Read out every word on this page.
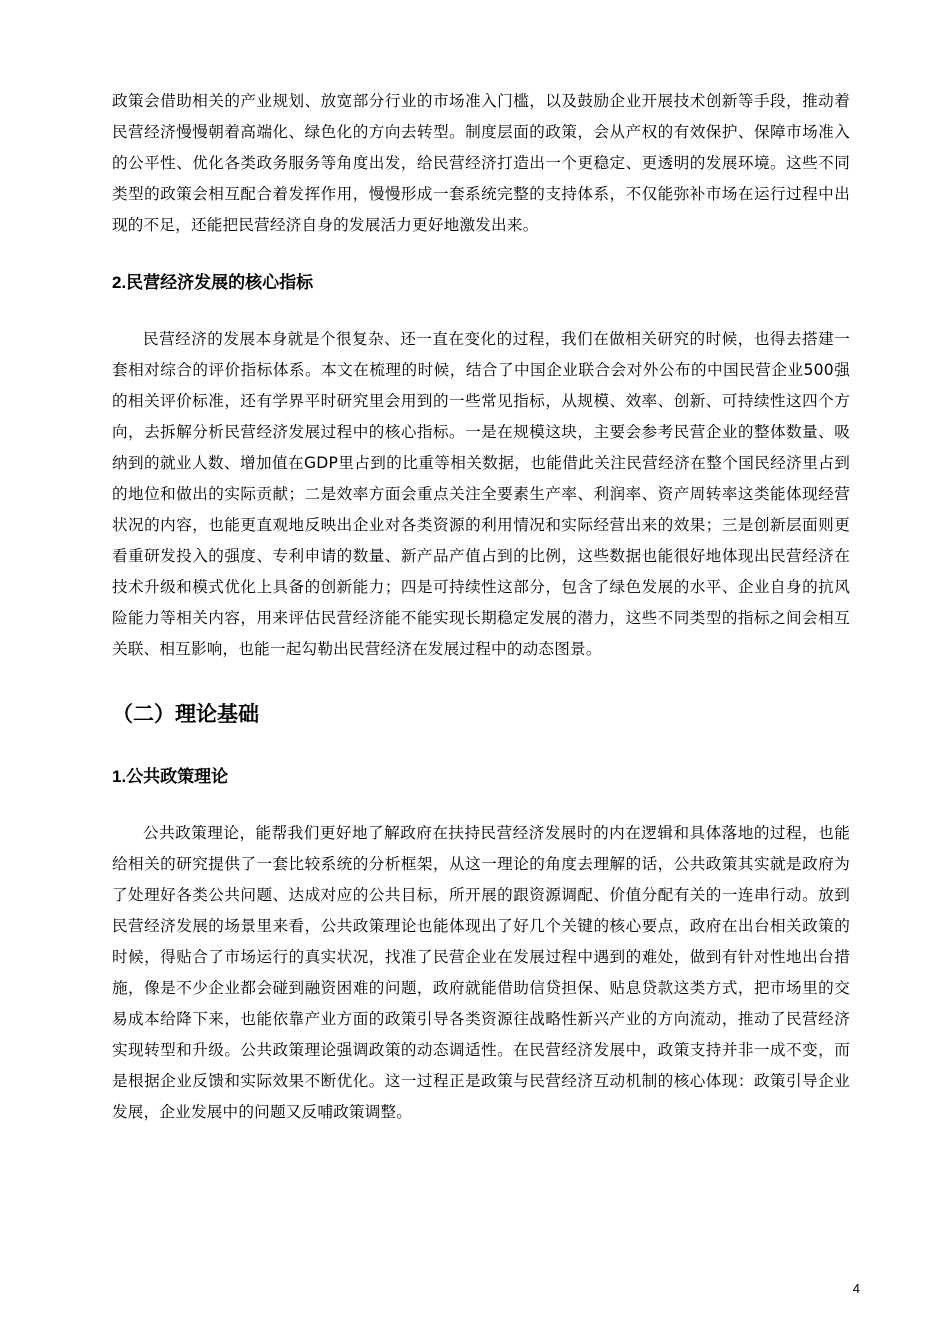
政策会借助相关的产业规划、放宽部分行业的市场准入门槛，以及鼓励企业开展技术创新等手段，推动着民营经济慢慢朝着高端化、绿色化的方向去转型。制度层面的政策，会从产权的有效保护、保障市场准入的公平性、优化各类政务服务等角度出发，给民营经济打造出一个更稳定、更透明的发展环境。这些不同类型的政策会相互配合着发挥作用，慢慢形成一套系统完整的支持体系，不仅能弥补市场在运行过程中出现的不足，还能把民营经济自身的发展活力更好地激发出来。

2.民营经济发展的核心指标

民营经济的发展本身就是个很复杂、还一直在变化的过程，我们在做相关研究的时候，也得去搭建一套相对综合的评价指标体系。本文在梳理的时候，结合了中国企业联合会对外公布的中国民营企业500强的相关评价标准，还有学界平时研究里会用到的一些常见指标，从规模、效率、创新、可持续性这四个方向，去拆解分析民营经济发展过程中的核心指标。一是在规模这块，主要会参考民营企业的整体数量、吸纳到的就业人数、增加值在GDP里占到的比重等相关数据，也能借此关注民营经济在整个国民经济里占到的地位和做出的实际贡献；二是效率方面会重点关注全要素生产率、利润率、资产周转率这类能体现经营状况的内容，也能更直观地反映出企业对各类资源的利用情况和实际经营出来的效果；三是创新层面则更看重研发投入的强度、专利申请的数量、新产品产值占到的比例，这些数据也能很好地体现出民营经济在技术升级和模式优化上具备的创新能力；四是可持续性这部分，包含了绿色发展的水平、企业自身的抗风险能力等相关内容，用来评估民营经济能不能实现长期稳定发展的潜力，这些不同类型的指标之间会相互关联、相互影响，也能一起勾勒出民营经济在发展过程中的动态图景。

（二）理论基础

1.公共政策理论

公共政策理论，能帮我们更好地了解政府在扶持民营经济发展时的内在逻辑和具体落地的过程，也能给相关的研究提供了一套比较系统的分析框架，从这一理论的角度去理解的话，公共政策其实就是政府为了处理好各类公共问题、达成对应的公共目标，所开展的跟资源调配、价值分配有关的一连串行动。放到民营经济发展的场景里来看，公共政策理论也能体现出了好几个关键的核心要点，政府在出台相关政策的时候，得贴合了市场运行的真实状况，找准了民营企业在发展过程中遇到的难处，做到有针对性地出台措施，像是不少企业都会碰到融资困难的问题，政府就能借助信贷担保、贴息贷款这类方式，把市场里的交易成本给降下来，也能依靠产业方面的政策引导各类资源往战略性新兴产业的方向流动，推动了民营经济实现转型和升级。公共政策理论强调政策的动态调适性。在民营经济发展中，政策支持并非一成不变，而是根据企业反馈和实际效果不断优化。这一过程正是政策与民营经济互动机制的核心体现：政策引导企业发展，企业发展中的问题又反哺政策调整。

4
